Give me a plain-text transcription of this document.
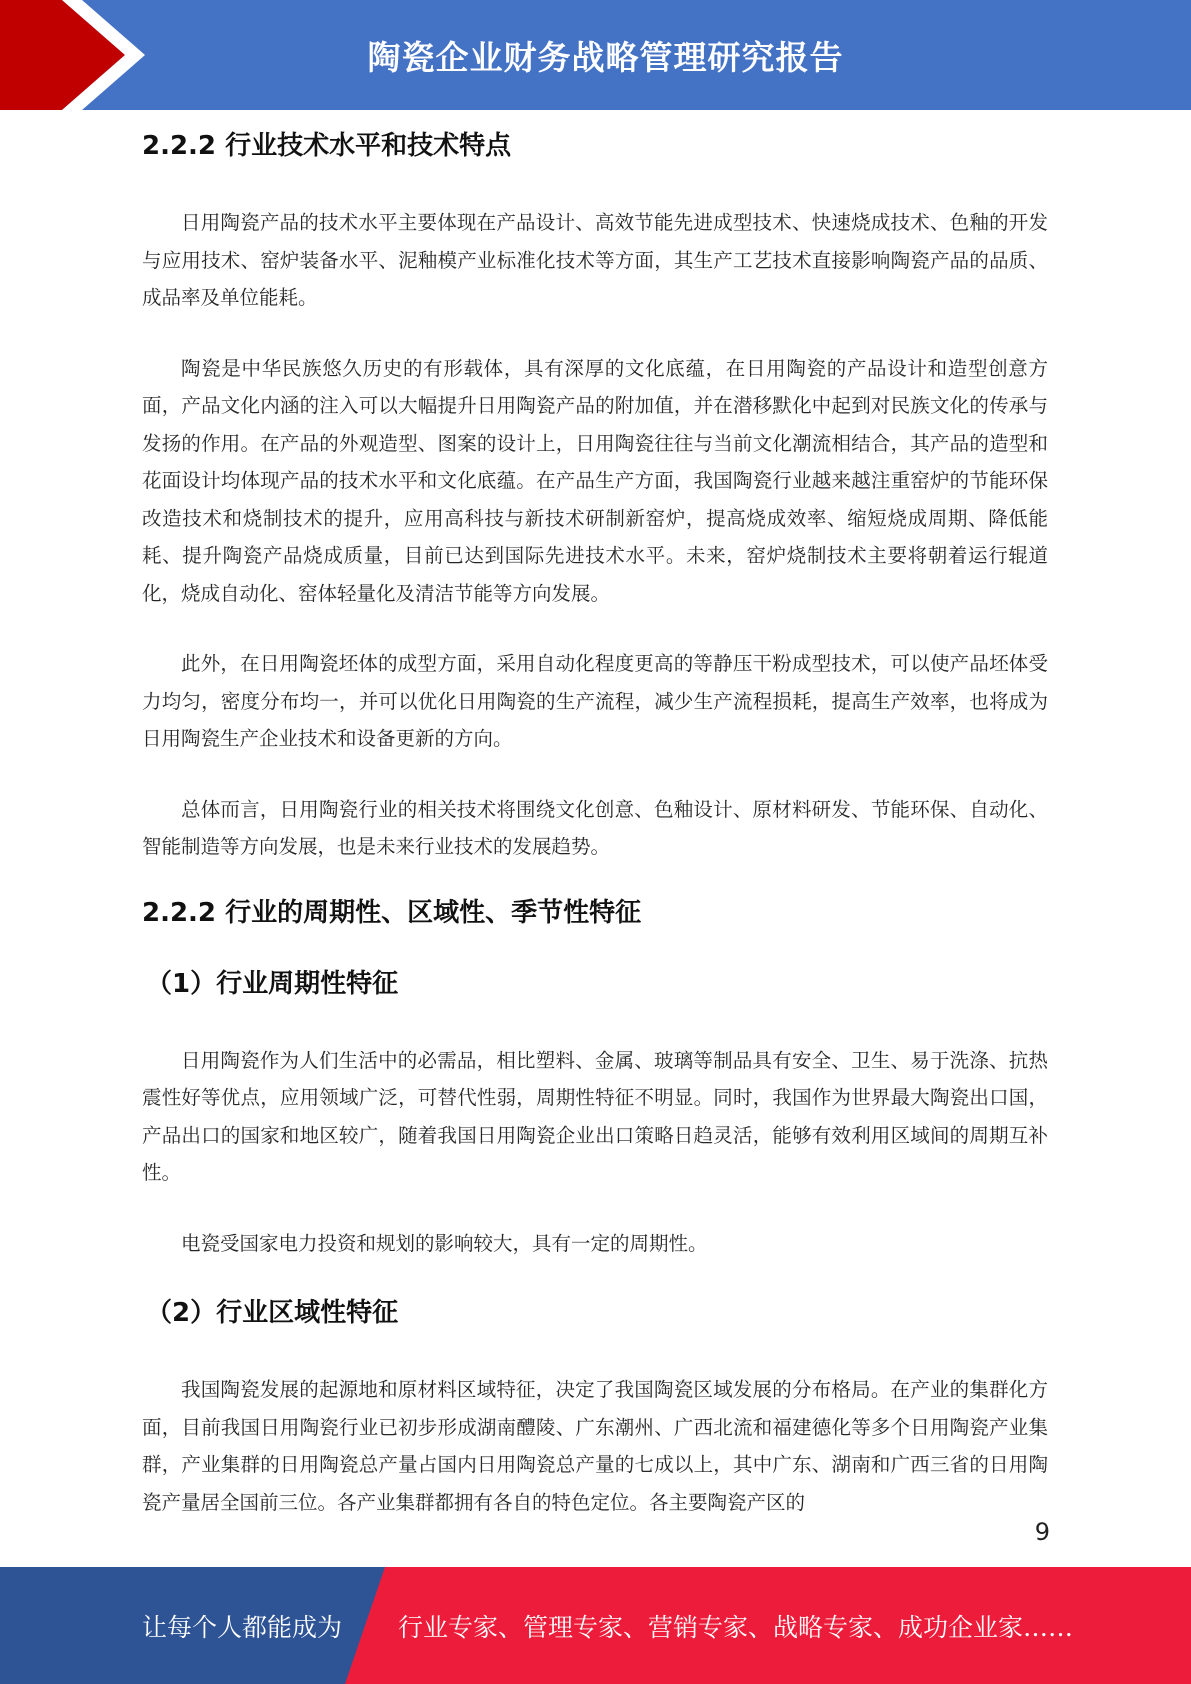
陶瓷企业财务战略管理研究报告
2.2.2 行业技术水平和技术特点

日用陶瓷产品的技术水平主要体现在产品设计、高效节能先进成型技术、快速烧成技术、色釉的开发与应用技术、窑炉装备水平、泥釉模产业标准化技术等方面，其生产工艺技术直接影响陶瓷产品的品质、成品率及单位能耗。

陶瓷是中华民族悠久历史的有形载体，具有深厚的文化底蕴，在日用陶瓷的产品设计和造型创意方面，产品文化内涵的注入可以大幅提升日用陶瓷产品的附加值，并在潜移默化中起到对民族文化的传承与发扬的作用。在产品的外观造型、图案的设计上，日用陶瓷往往与当前文化潮流相结合，其产品的造型和花面设计均体现产品的技术水平和文化底蕴。在产品生产方面，我国陶瓷行业越来越注重窑炉的节能环保改造技术和烧制技术的提升，应用高科技与新技术研制新窑炉，提高烧成效率、缩短烧成周期、降低能耗、提升陶瓷产品烧成质量，目前已达到国际先进技术水平。未来，窑炉烧制技术主要将朝着运行辊道化，烧成自动化、窑体轻量化及清洁节能等方向发展。

此外，在日用陶瓷坯体的成型方面，采用自动化程度更高的等静压干粉成型技术，可以使产品坯体受力均匀，密度分布均一，并可以优化日用陶瓷的生产流程，减少生产流程损耗，提高生产效率，也将成为日用陶瓷生产企业技术和设备更新的方向。

总体而言，日用陶瓷行业的相关技术将围绕文化创意、色釉设计、原材料研发、节能环保、自动化、智能制造等方向发展，也是未来行业技术的发展趋势。

2.2.2 行业的周期性、区域性、季节性特征
（1）行业周期性特征

日用陶瓷作为人们生活中的必需品，相比塑料、金属、玻璃等制品具有安全、卫生、易于洗涤、抗热震性好等优点，应用领域广泛，可替代性弱，周期性特征不明显。同时，我国作为世界最大陶瓷出口国，产品出口的国家和地区较广，随着我国日用陶瓷企业出口策略日趋灵活，能够有效利用区域间的周期互补性。

电瓷受国家电力投资和规划的影响较大，具有一定的周期性。

（2）行业区域性特征

我国陶瓷发展的起源地和原材料区域特征，决定了我国陶瓷区域发展的分布格局。在产业的集群化方面，目前我国日用陶瓷行业已初步形成湖南醴陵、广东潮州、广西北流和福建德化等多个日用陶瓷产业集群，产业集群的日用陶瓷总产量占国内日用陶瓷总产量的七成以上，其中广东、湖南和广西三省的日用陶瓷产量居全国前三位。各产业集群都拥有各自的特色定位。各主要陶瓷产区的

9
让每个人都能成为 行业专家、管理专家、营销专家、战略专家、成功企业家……
